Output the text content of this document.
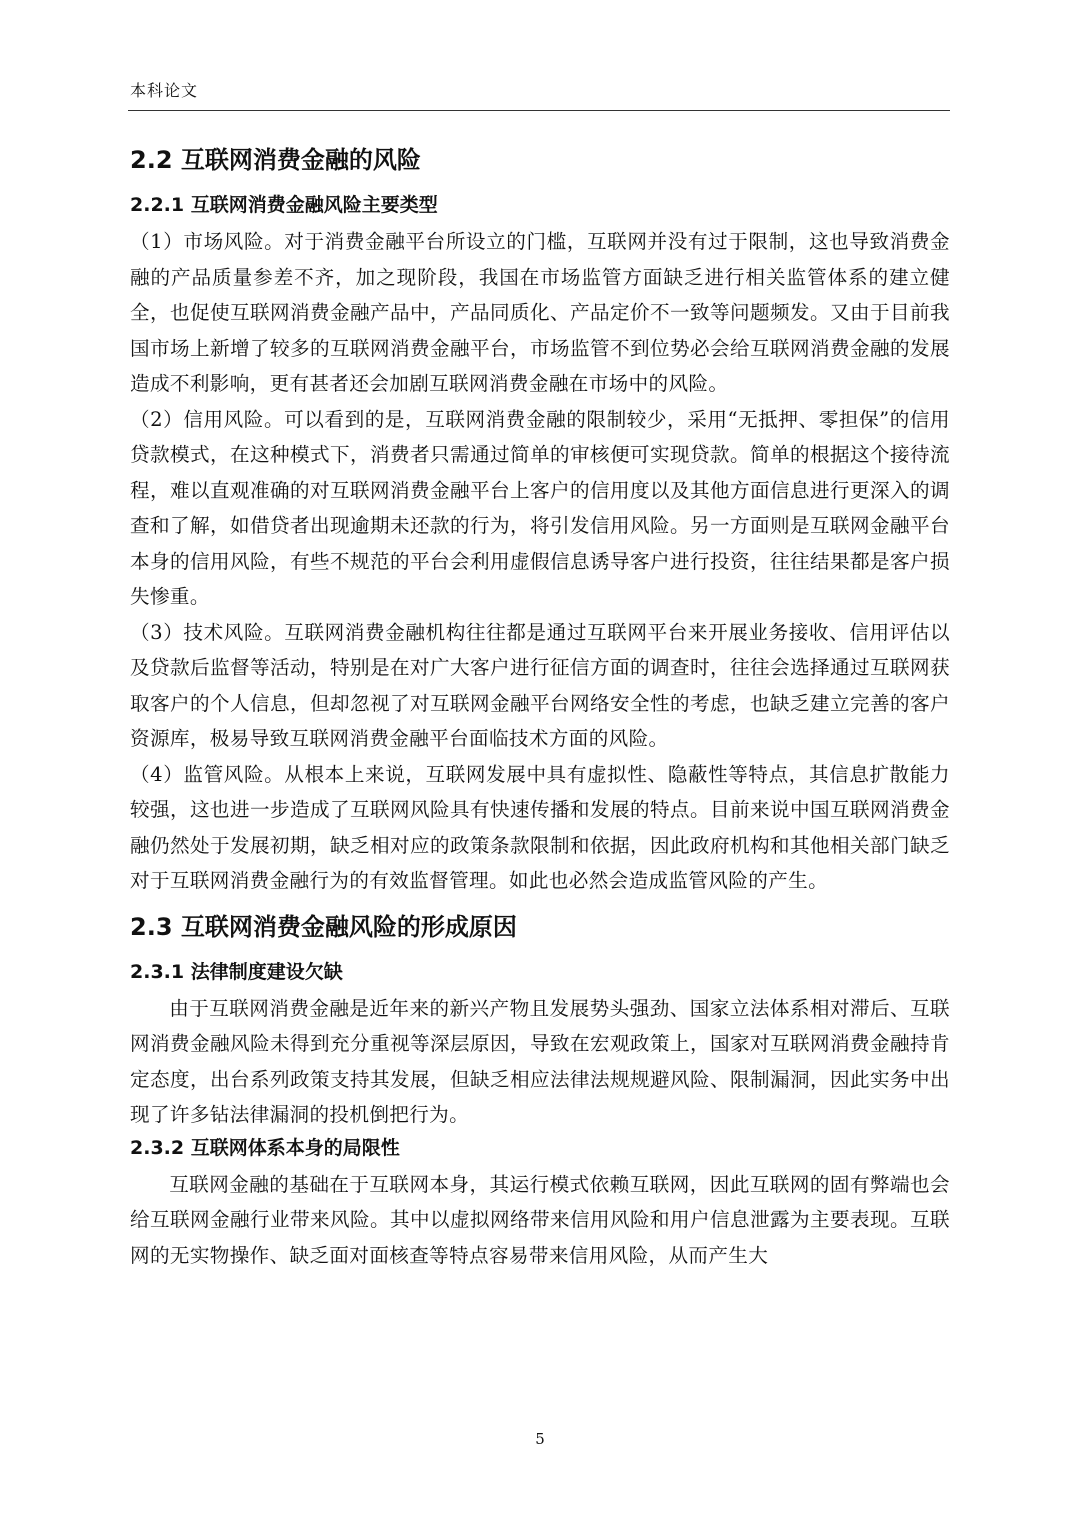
本科论文
2.2 互联网消费金融的风险
2.2.1 互联网消费金融风险主要类型

（1）市场风险。对于消费金融平台所设立的门槛，互联网并没有过于限制，这也导致消费金融的产品质量参差不齐，加之现阶段，我国在市场监管方面缺乏进行相关监管体系的建立健全，也促使互联网消费金融产品中，产品同质化、产品定价不一致等问题频发。又由于目前我国市场上新增了较多的互联网消费金融平台，市场监管不到位势必会给互联网消费金融的发展造成不利影响，更有甚者还会加剧互联网消费金融在市场中的风险。

（2）信用风险。可以看到的是，互联网消费金融的限制较少，采用“无抵押、零担保”的信用贷款模式，在这种模式下，消费者只需通过简单的审核便可实现贷款。简单的根据这个接待流程，难以直观准确的对互联网消费金融平台上客户的信用度以及其他方面信息进行更深入的调查和了解，如借贷者出现逾期未还款的行为，将引发信用风险。另一方面则是互联网金融平台本身的信用风险，有些不规范的平台会利用虚假信息诱导客户进行投资，往往结果都是客户损失惨重。

（3）技术风险。互联网消费金融机构往往都是通过互联网平台来开展业务接收、信用评估以及贷款后监督等活动，特别是在对广大客户进行征信方面的调查时，往往会选择通过互联网获取客户的个人信息，但却忽视了对互联网金融平台网络安全性的考虑，也缺乏建立完善的客户资源库，极易导致互联网消费金融平台面临技术方面的风险。

（4）监管风险。从根本上来说，互联网发展中具有虚拟性、隐蔽性等特点，其信息扩散能力较强，这也进一步造成了互联网风险具有快速传播和发展的特点。目前来说中国互联网消费金融仍然处于发展初期，缺乏相对应的政策条款限制和依据，因此政府机构和其他相关部门缺乏对于互联网消费金融行为的有效监督管理。如此也必然会造成监管风险的产生。

2.3 互联网消费金融风险的形成原因
2.3.1 法律制度建设欠缺

由于互联网消费金融是近年来的新兴产物且发展势头强劲、国家立法体系相对滞后、互联网消费金融风险未得到充分重视等深层原因，导致在宏观政策上，国家对互联网消费金融持肯定态度，出台系列政策支持其发展，但缺乏相应法律法规规避风险、限制漏洞，因此实务中出现了许多钻法律漏洞的投机倒把行为。

2.3.2 互联网体系本身的局限性

互联网金融的基础在于互联网本身，其运行模式依赖互联网，因此互联网的固有弊端也会给互联网金融行业带来风险。其中以虚拟网络带来信用风险和用户信息泄露为主要表现。互联网的无实物操作、缺乏面对面核查等特点容易带来信用风险，从而产生大

5
